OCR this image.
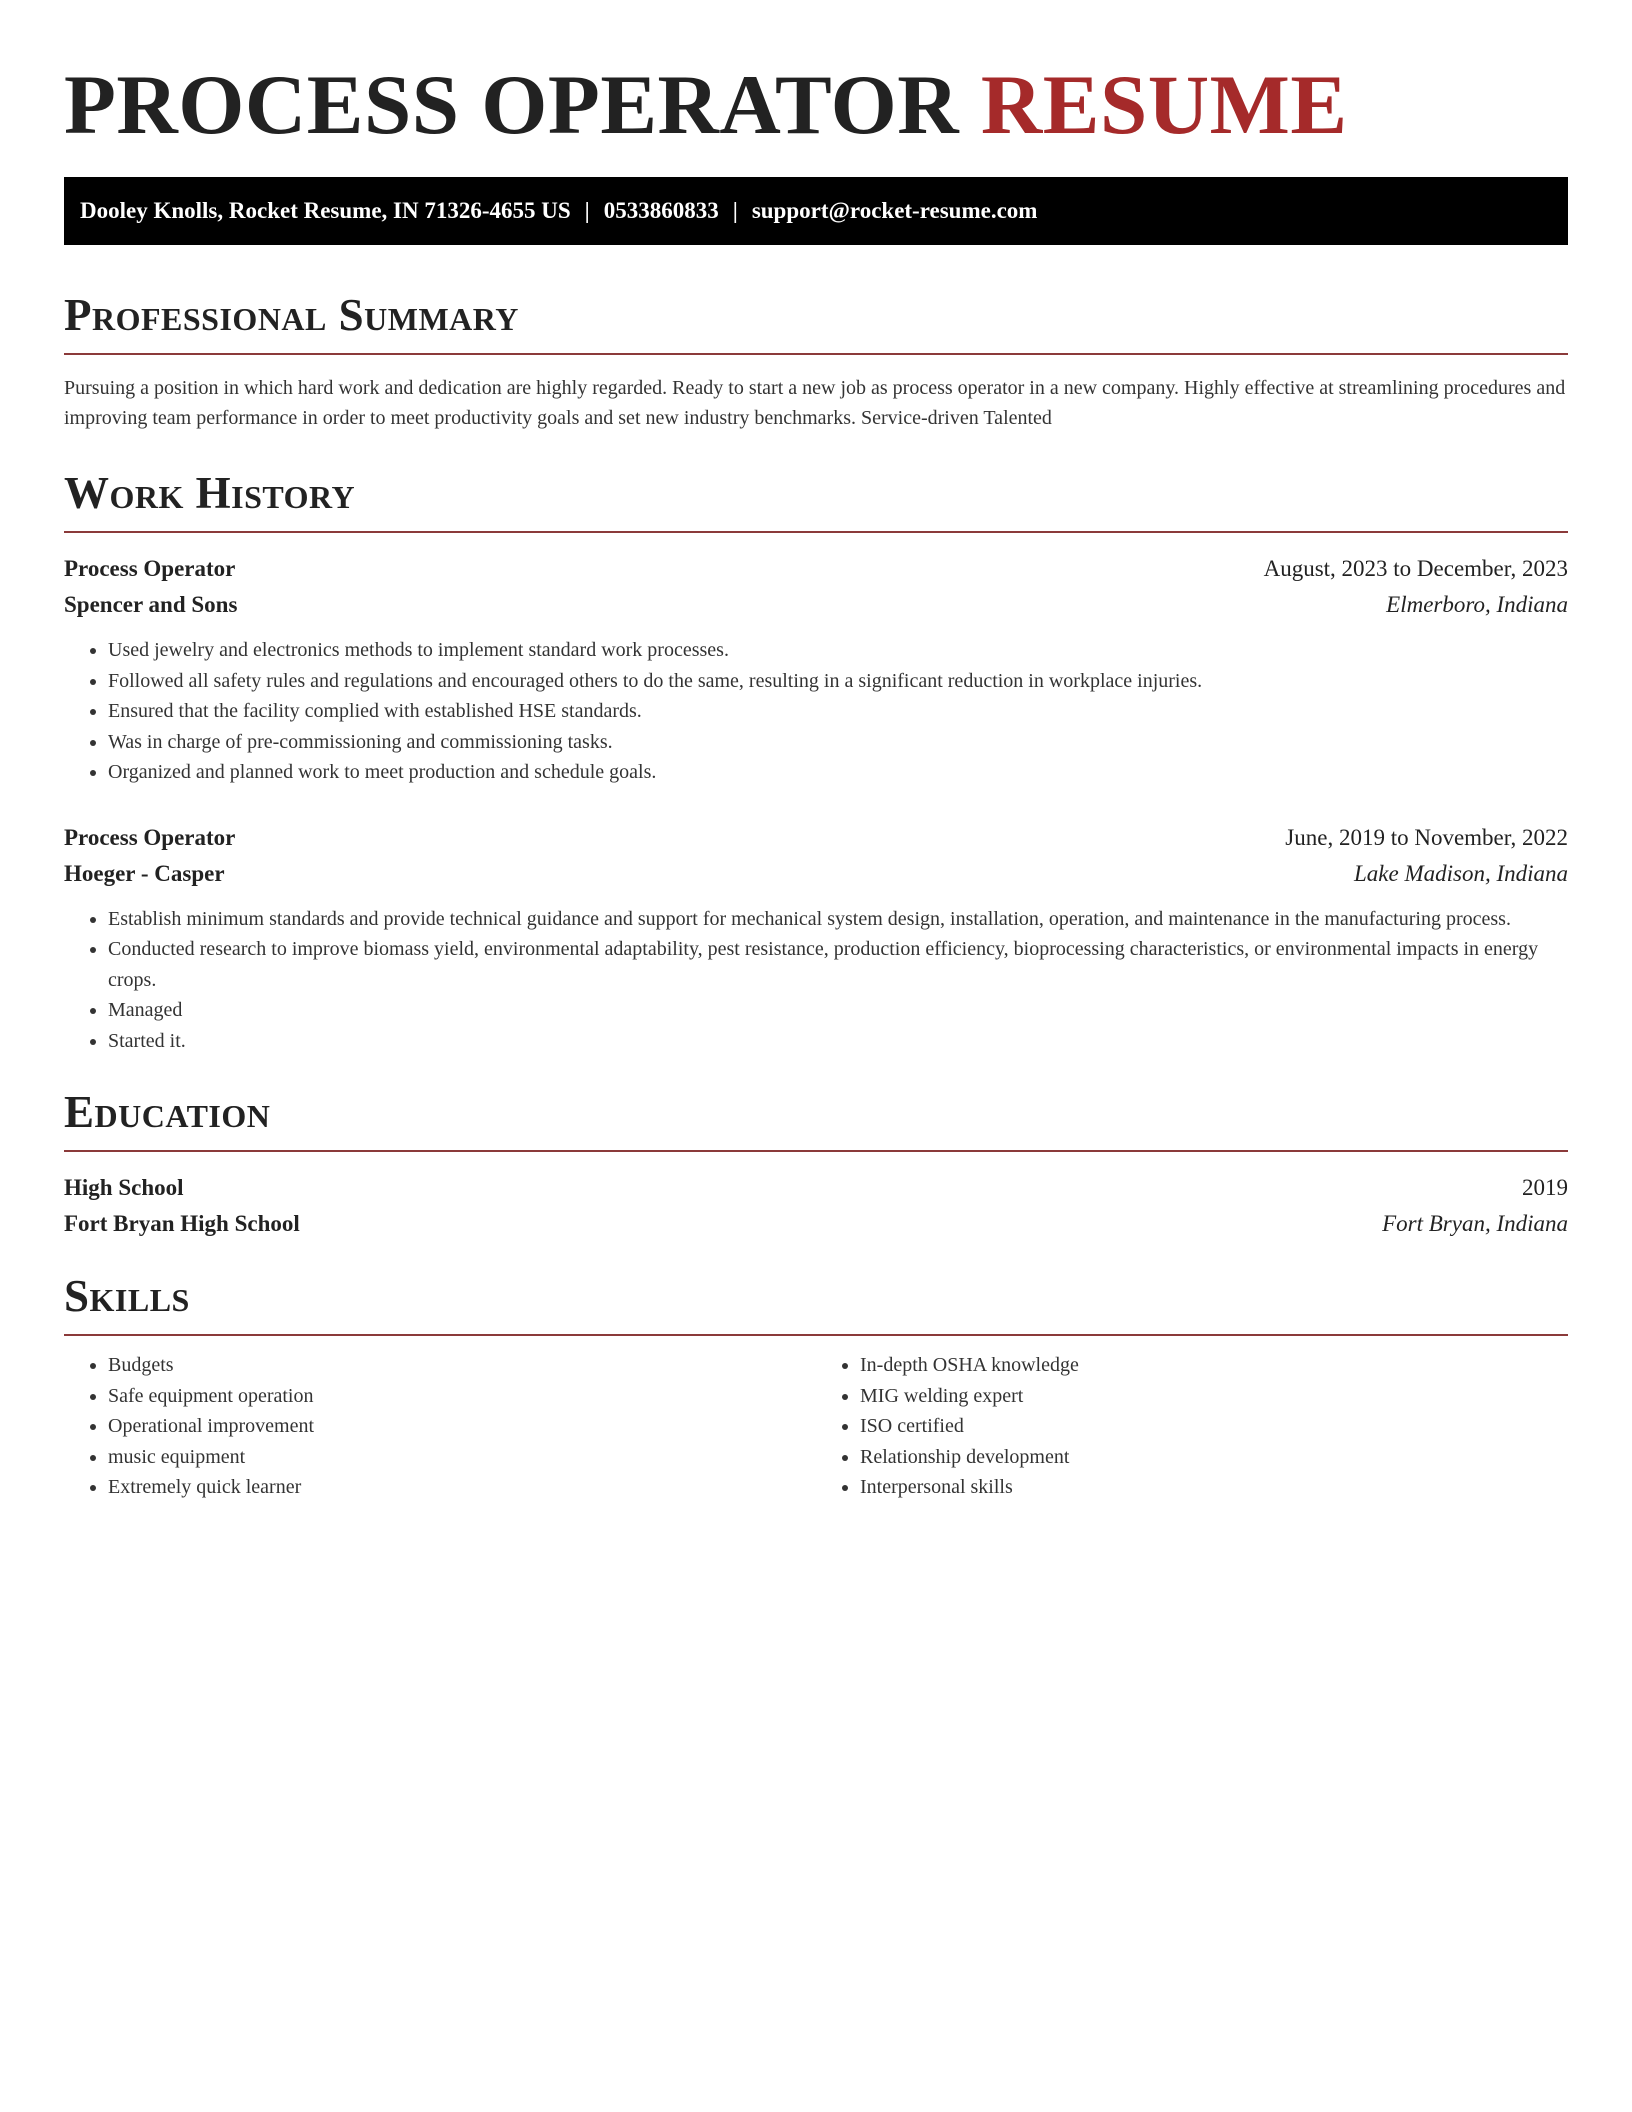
PROCESS OPERATOR RESUME
Dooley Knolls, Rocket Resume, IN 71326-4655 US | 0533860833 | support@rocket-resume.com
Professional Summary

Pursuing a position in which hard work and dedication are highly regarded. Ready to start a new job as process operator in a new company. Highly effective at streamlining procedures and improving team performance in order to meet productivity goals and set new industry benchmarks. Service-driven Talented

Work History
Process Operator	August, 2023 to December, 2023
Spencer and Sons	Elmerboro, Indiana
• Used jewelry and electronics methods to implement standard work processes.
• Followed all safety rules and regulations and encouraged others to do the same, resulting in a significant reduction in workplace injuries.
• Ensured that the facility complied with established HSE standards.
• Was in charge of pre-commissioning and commissioning tasks.
• Organized and planned work to meet production and schedule goals.
Process Operator	June, 2019 to November, 2022
Hoeger - Casper	Lake Madison, Indiana
• Establish minimum standards and provide technical guidance and support for mechanical system design, installation, operation, and maintenance in the manufacturing process.
• Conducted research to improve biomass yield, environmental adaptability, pest resistance, production efficiency, bioprocessing characteristics, or environmental impacts in energy crops.
• Managed
• Started it.
Education
High School	2019
Fort Bryan High School	Fort Bryan, Indiana
Skills
• Budgets
• Safe equipment operation
• Operational improvement
• music equipment
• Extremely quick learner
• In-depth OSHA knowledge
• MIG welding expert
• ISO certified
• Relationship development
• Interpersonal skills
